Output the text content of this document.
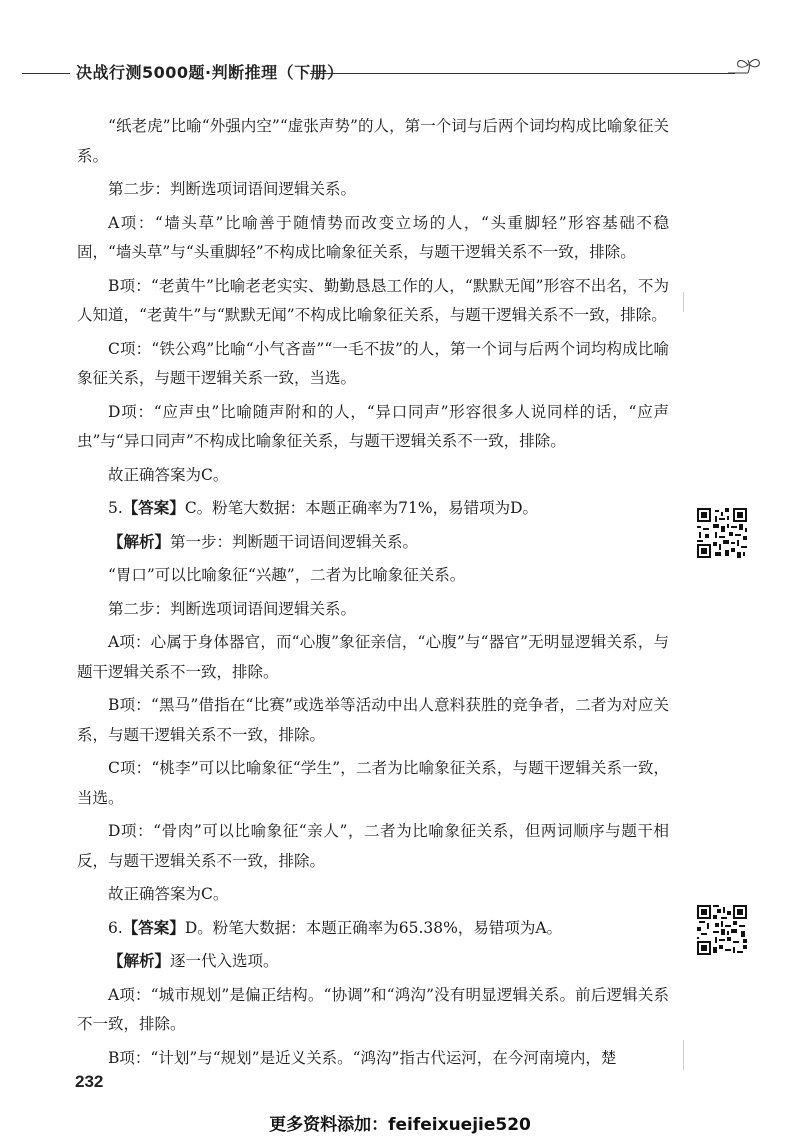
决战行测5000题·判断推理（下册）

“纸老虎”比喻“外强内空”“虚张声势”的人，第一个词与后两个词均构成比喻象征关系。

第二步：判断选项词语间逻辑关系。

A项：“墙头草”比喻善于随情势而改变立场的人，“头重脚轻”形容基础不稳固，“墙头草”与“头重脚轻”不构成比喻象征关系，与题干逻辑关系不一致，排除。

B项：“老黄牛”比喻老老实实、勤勤恳恳工作的人，“默默无闻”形容不出名，不为人知道，“老黄牛”与“默默无闻”不构成比喻象征关系，与题干逻辑关系不一致，排除。

C项：“铁公鸡”比喻“小气吝啬”“一毛不拔”的人，第一个词与后两个词均构成比喻象征关系，与题干逻辑关系一致，当选。

D项：“应声虫”比喻随声附和的人，“异口同声”形容很多人说同样的话，“应声虫”与“异口同声”不构成比喻象征关系，与题干逻辑关系不一致，排除。

故正确答案为C。

5.【答案】C。粉笔大数据：本题正确率为71%，易错项为D。

【解析】第一步：判断题干词语间逻辑关系。

“胃口”可以比喻象征“兴趣”，二者为比喻象征关系。

第二步：判断选项词语间逻辑关系。

A项：心属于身体器官，而“心腹”象征亲信，“心腹”与“器官”无明显逻辑关系，与题干逻辑关系不一致，排除。

B项：“黑马”借指在“比赛”或选举等活动中出人意料获胜的竞争者，二者为对应关系，与题干逻辑关系不一致，排除。

C项：“桃李”可以比喻象征“学生”，二者为比喻象征关系，与题干逻辑关系一致，当选。

D项：“骨肉”可以比喻象征“亲人”，二者为比喻象征关系，但两词顺序与题干相反，与题干逻辑关系不一致，排除。

故正确答案为C。

6.【答案】D。粉笔大数据：本题正确率为65.38%，易错项为A。

【解析】逐一代入选项。

A项：“城市规划”是偏正结构。“协调”和“鸿沟”没有明显逻辑关系。前后逻辑关系不一致，排除。

B项：“计划”与“规划”是近义关系。“鸿沟”指古代运河，在今河南境内，楚

232
更多资料添加：feifeixuejie520
